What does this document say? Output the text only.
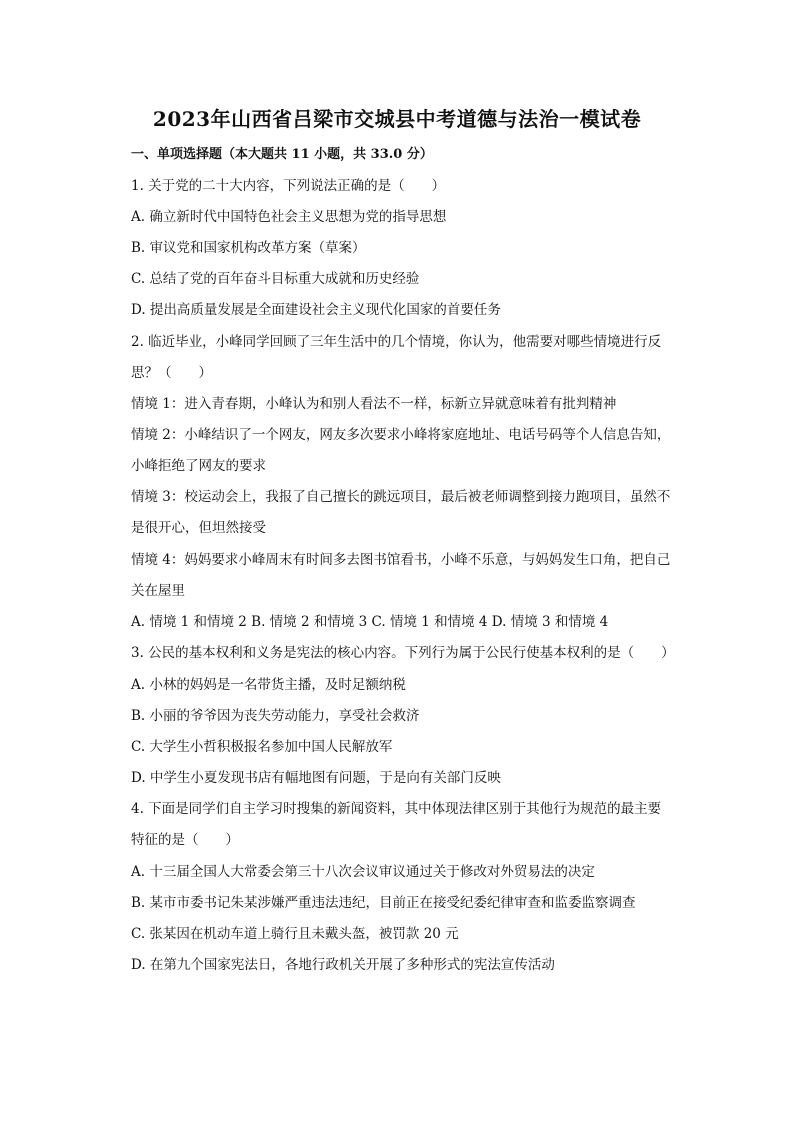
2023年山西省吕梁市交城县中考道德与法治一模试卷
一、单项选择题（本大题共 11 小题，共 33.0 分）
1. 关于党的二十大内容，下列说法正确的是（　　）
A. 确立新时代中国特色社会主义思想为党的指导思想
B. 审议党和国家机构改革方案（草案）
C. 总结了党的百年奋斗目标重大成就和历史经验
D. 提出高质量发展是全面建设社会主义现代化国家的首要任务
2. 临近毕业，小峰同学回顾了三年生活中的几个情境，你认为，他需要对哪些情境进行反
思？（　　）
情境 1：进入青春期，小峰认为和别人看法不一样，标新立异就意味着有批判精神
情境 2：小峰结识了一个网友，网友多次要求小峰将家庭地址、电话号码等个人信息告知，
小峰拒绝了网友的要求
情境 3：校运动会上，我报了自己擅长的跳远项目，最后被老师调整到接力跑项目，虽然不
是很开心，但坦然接受
情境 4：妈妈要求小峰周末有时间多去图书馆看书，小峰不乐意，与妈妈发生口角，把自己
关在屋里
A. 情境 1 和情境 2 B. 情境 2 和情境 3 C. 情境 1 和情境 4 D. 情境 3 和情境 4
3. 公民的基本权利和义务是宪法的核心内容。下列行为属于公民行使基本权利的是（　　）
A. 小林的妈妈是一名带货主播，及时足额纳税
B. 小丽的爷爷因为丧失劳动能力，享受社会救济
C. 大学生小哲积极报名参加中国人民解放军
D. 中学生小夏发现书店有幅地图有问题，于是向有关部门反映
4. 下面是同学们自主学习时搜集的新闻资料，其中体现法律区别于其他行为规范的最主要
特征的是（　　）
A. 十三届全国人大常委会第三十八次会议审议通过关于修改对外贸易法的决定
B. 某市市委书记朱某涉嫌严重违法违纪，目前正在接受纪委纪律审查和监委监察调查
C. 张某因在机动车道上骑行且未戴头盔，被罚款 20 元
D. 在第九个国家宪法日，各地行政机关开展了多种形式的宪法宣传活动
